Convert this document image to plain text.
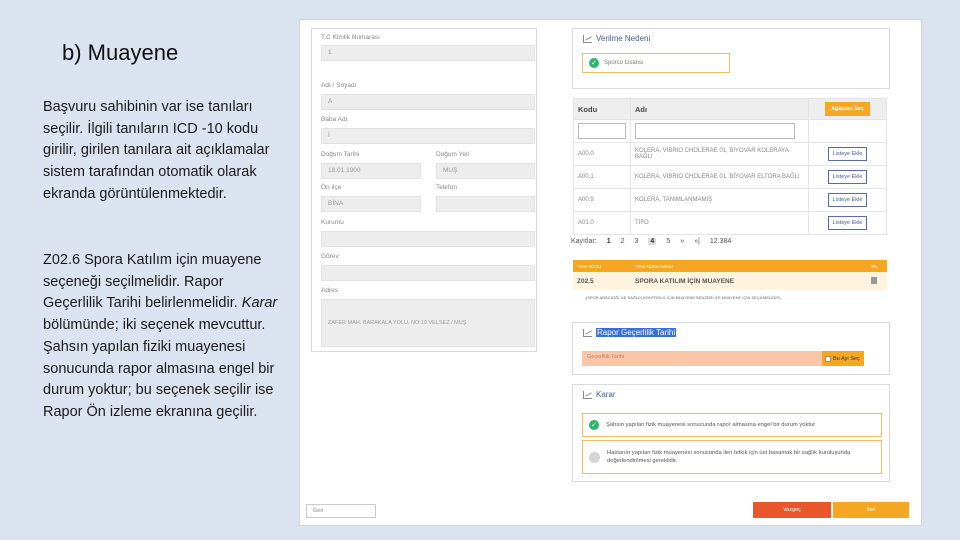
b) Muayene
Başvuru sahibinin var ise tanıları seçilir. İlgili tanıların ICD -10 kodu girilir, girilen tanılara ait açıklamalar sistem tarafından otomatik olarak ekranda görüntülenmektedir.
Z02.6 Spora Katılım için muayene seçeneği seçilmelidir. Rapor Geçerlilik Tarihi belirlenmelidir. Karar bölümünde; iki seçenek mevcuttur.
Şahsın yapılan fiziki muayenesi sonucunda rapor almasına engel bir durum yoktur; bu seçenek seçilir ise Rapor Ön izleme ekranına geçilir.
T.C Kimlik Numarası
1
Adı / Soyadı
A
Baba Adı
İ
Doğum Tarihi
18.01.1900
Doğum Yeri
MUŞ
Ön ilçe
BİNA
Telefon
Kurumu
Görev
Adres
ZAFER MAH. BARAKALA YOLU, NO:19 VELSEZ / MUŞ
Verilme Nedeni
✓	Sporcu Lisansı
Kodu	Adı	Ağaçtan Seç

A00.0	KOLERA, VIBRIO CHOLERAE 01, BİYOVAR KOLERAYA BAĞLI	Listeye Ekle
A00.1	KOLERA, VIBRIO CHOLERAE 01, BİYOVAR ELTORA BAĞLI	Listeye Ekle
A00.9	KOLERA, TANIMLANMAMIŞ	Listeye Ekle
A01.0	TİFO	Listeye Ekle
Kayıtlar: 1 2 3 4 5 » »| 12.384
TANI KODU	TANI AÇIKLAMASI	SİL
Z02.5	SPORA KATILIM İÇİN MUAYENE	
(SPOR ARACILIĞI İLE SAĞLIK KONTROLÜ İÇİN MUAYENE BENZERİ İLE MUAYENE İÇİN SEÇİLMELİDİR)
Rapor Geçerlilik Tarihi
Geçerlilik Tarihi	Bu Ayı Seç
Karar
✓	Şahsın yapılan fizik muayenesi sonucunda rapor almasına engel bir durum yoktur
Hastanın yapılan fizik muayenesi sonucunda ileri tetkik için üst basamak bir sağlık kuruluşunda değerlendirilmesi gereklidir.
Geri	Vazgeç	İleri
